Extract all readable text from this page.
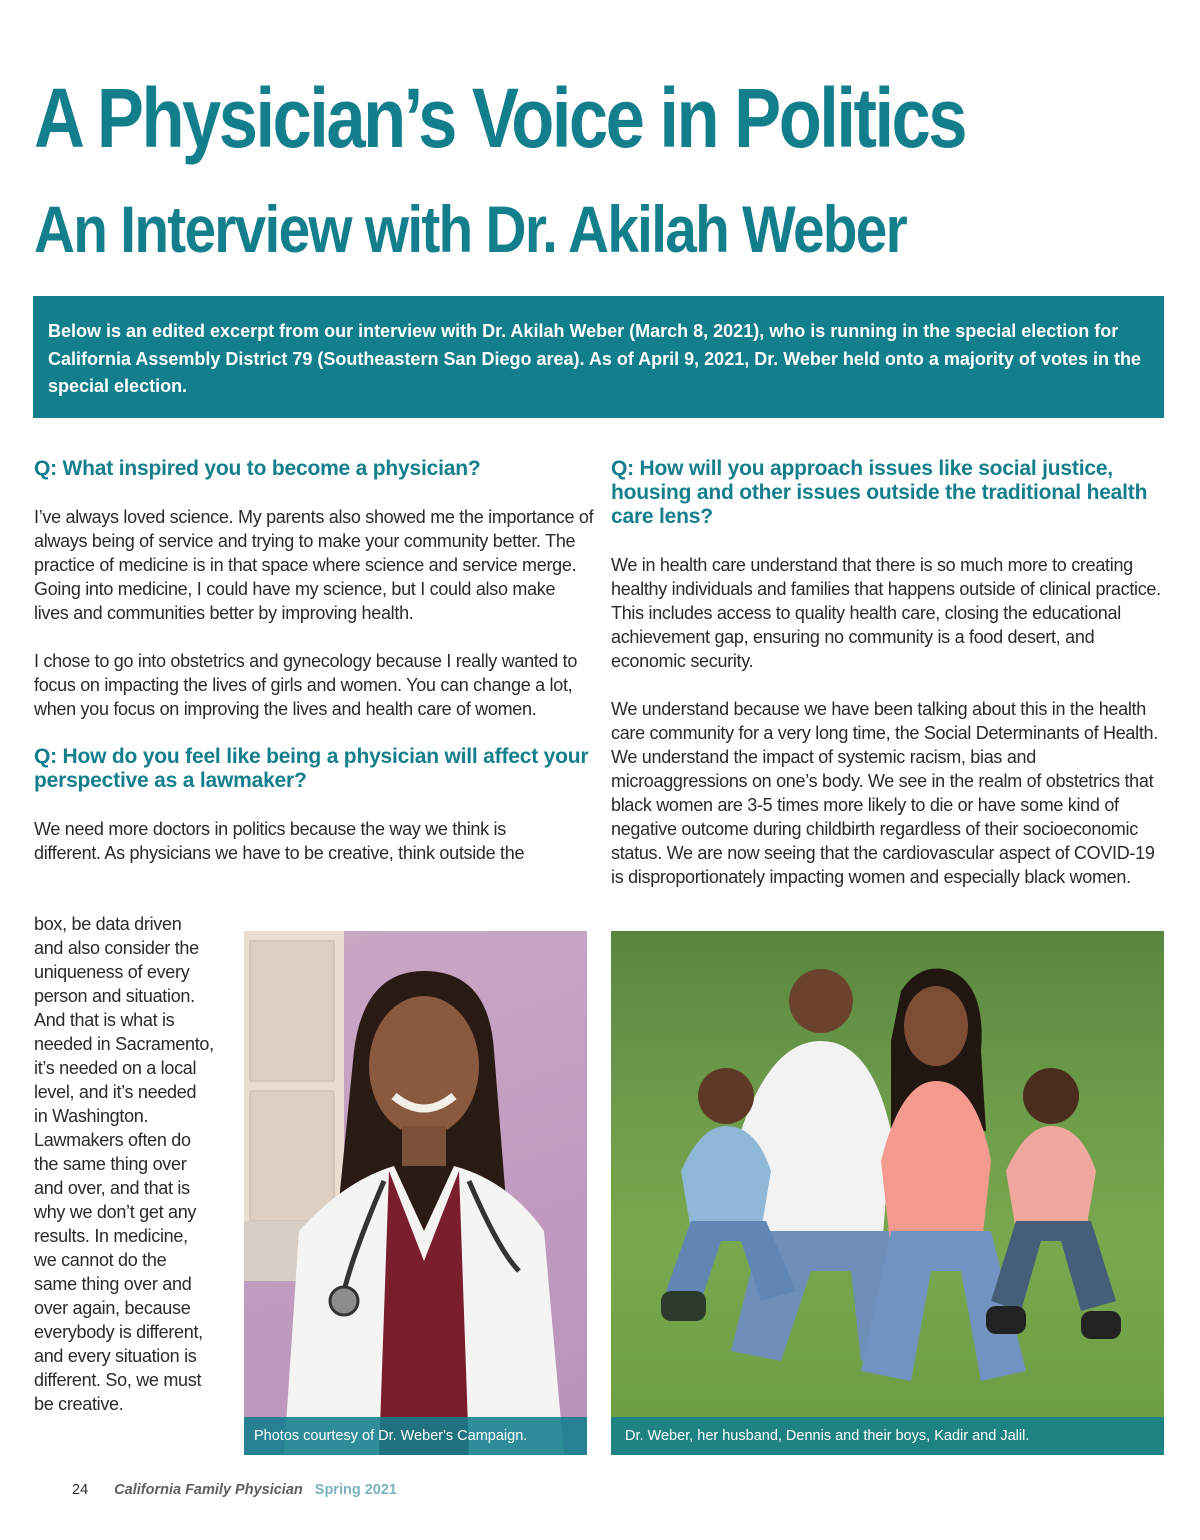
A Physician’s Voice in Politics
An Interview with Dr. Akilah Weber
Below is an edited excerpt from our interview with Dr. Akilah Weber (March 8, 2021), who is running in the special election for California Assembly District 79 (Southeastern San Diego area). As of April 9, 2021, Dr. Weber held onto a majority of votes in the special election.
Q: What inspired you to become a physician?

I’ve always loved science. My parents also showed me the importance of always being of service and trying to make your community better. The practice of medicine is in that space where science and service merge. Going into medicine, I could have my science, but I could also make lives and communities better by improving health.

I chose to go into obstetrics and gynecology because I really wanted to focus on impacting the lives of girls and women. You can change a lot, when you focus on improving the lives and health care of women.

Q: How do you feel like being a physician will affect your perspective as a lawmaker?

We need more doctors in politics because the way we think is different. As physicians we have to be creative, think outside the

box, be data driven
and also consider the
uniqueness of every
person and situation.
And that is what is
needed in Sacramento,
it’s needed on a local
level, and it’s needed
in Washington.
Lawmakers often do
the same thing over
and over, and that is
why we don’t get any
results. In medicine,
we cannot do the
same thing over and
over again, because
everybody is different,
and every situation is
different. So, we must
be creative.
Q: How will you approach issues like social justice, housing and other issues outside the traditional health care lens?

We in health care understand that there is so much more to creating healthy individuals and families that happens outside of clinical practice. This includes access to quality health care, closing the educational achievement gap, ensuring no community is a food desert, and economic security.

We understand because we have been talking about this in the health care community for a very long time, the Social Determinants of Health. We understand the impact of systemic racism, bias and microaggressions on one’s body. We see in the realm of obstetrics that black women are 3-5 times more likely to die or have some kind of negative outcome during childbirth regardless of their socioeconomic status. We are now seeing that the cardiovascular aspect of COVID-19 is disproportionately impacting women and especially black women.

Photos courtesy of Dr. Weber's Campaign.	Dr. Weber, her husband, Dennis and their boys, Kadir and Jalil.
24 California Family Physician Spring 2021
